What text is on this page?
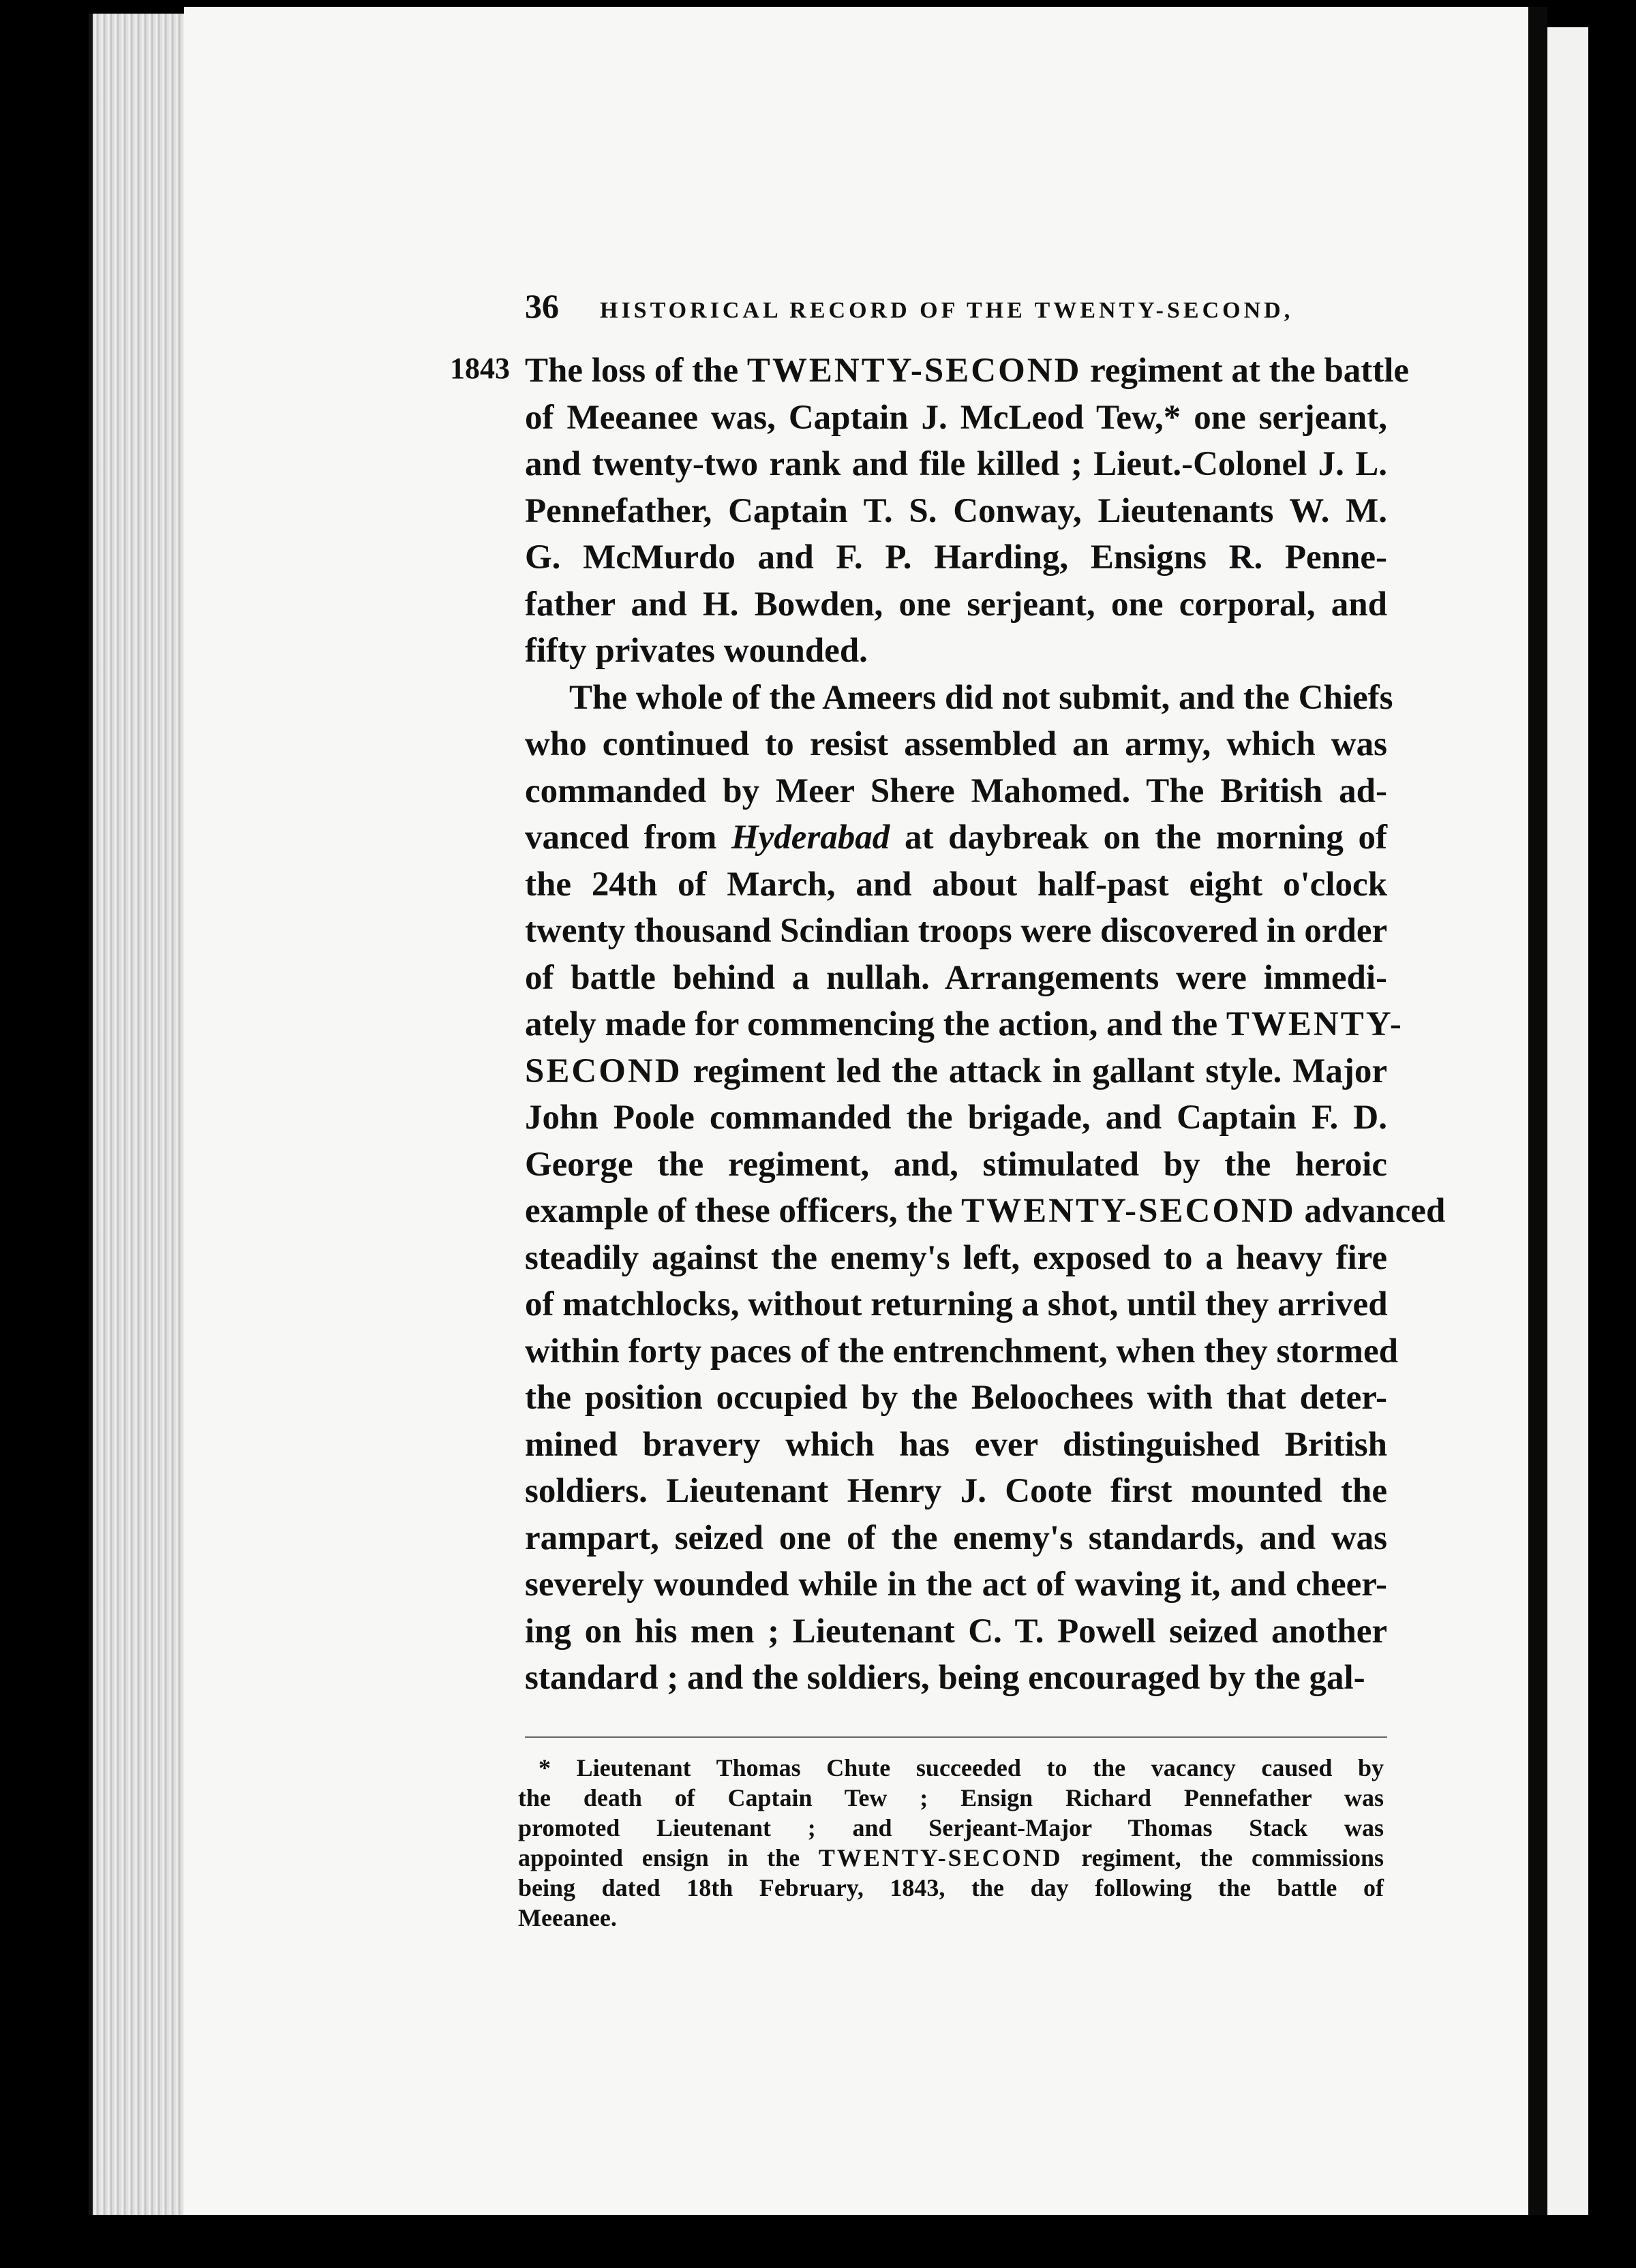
36	HISTORICAL RECORD OF THE TWENTY-SECOND,
1843 The loss of the TWENTY-SECOND regiment at the battle
of Meeanee was, Captain J. McLeod Tew,* one serjeant,
and twenty-two rank and file killed ; Lieut.-Colonel J. L.
Pennefather, Captain T. S. Conway, Lieutenants W. M.
G. McMurdo and F. P. Harding, Ensigns R. Penne-
father and H. Bowden, one serjeant, one corporal, and
fifty privates wounded.

The whole of the Ameers did not submit, and the Chiefs
who continued to resist assembled an army, which was
commanded by Meer Shere Mahomed. The British ad-
vanced from Hyderabad at daybreak on the morning of
the 24th of March, and about half-past eight o'clock
twenty thousand Scindian troops were discovered in order
of battle behind a nullah. Arrangements were immedi-
ately made for commencing the action, and the TWENTY-
SECOND regiment led the attack in gallant style. Major
John Poole commanded the brigade, and Captain F. D.
George the regiment, and, stimulated by the heroic
example of these officers, the TWENTY-SECOND advanced
steadily against the enemy's left, exposed to a heavy fire
of matchlocks, without returning a shot, until they arrived
within forty paces of the entrenchment, when they stormed
the position occupied by the Beloochees with that deter-
mined bravery which has ever distinguished British
soldiers. Lieutenant Henry J. Coote first mounted the
rampart, seized one of the enemy's standards, and was
severely wounded while in the act of waving it, and cheer-
ing on his men ; Lieutenant C. T. Powell seized another
standard ; and the soldiers, being encouraged by the gal-

* Lieutenant Thomas Chute succeeded to the vacancy caused by
the death of Captain Tew ; Ensign Richard Pennefather was
promoted Lieutenant ; and Serjeant-Major Thomas Stack was
appointed ensign in the TWENTY-SECOND regiment, the commissions
being dated 18th February, 1843, the day following the battle of
Meeanee.
